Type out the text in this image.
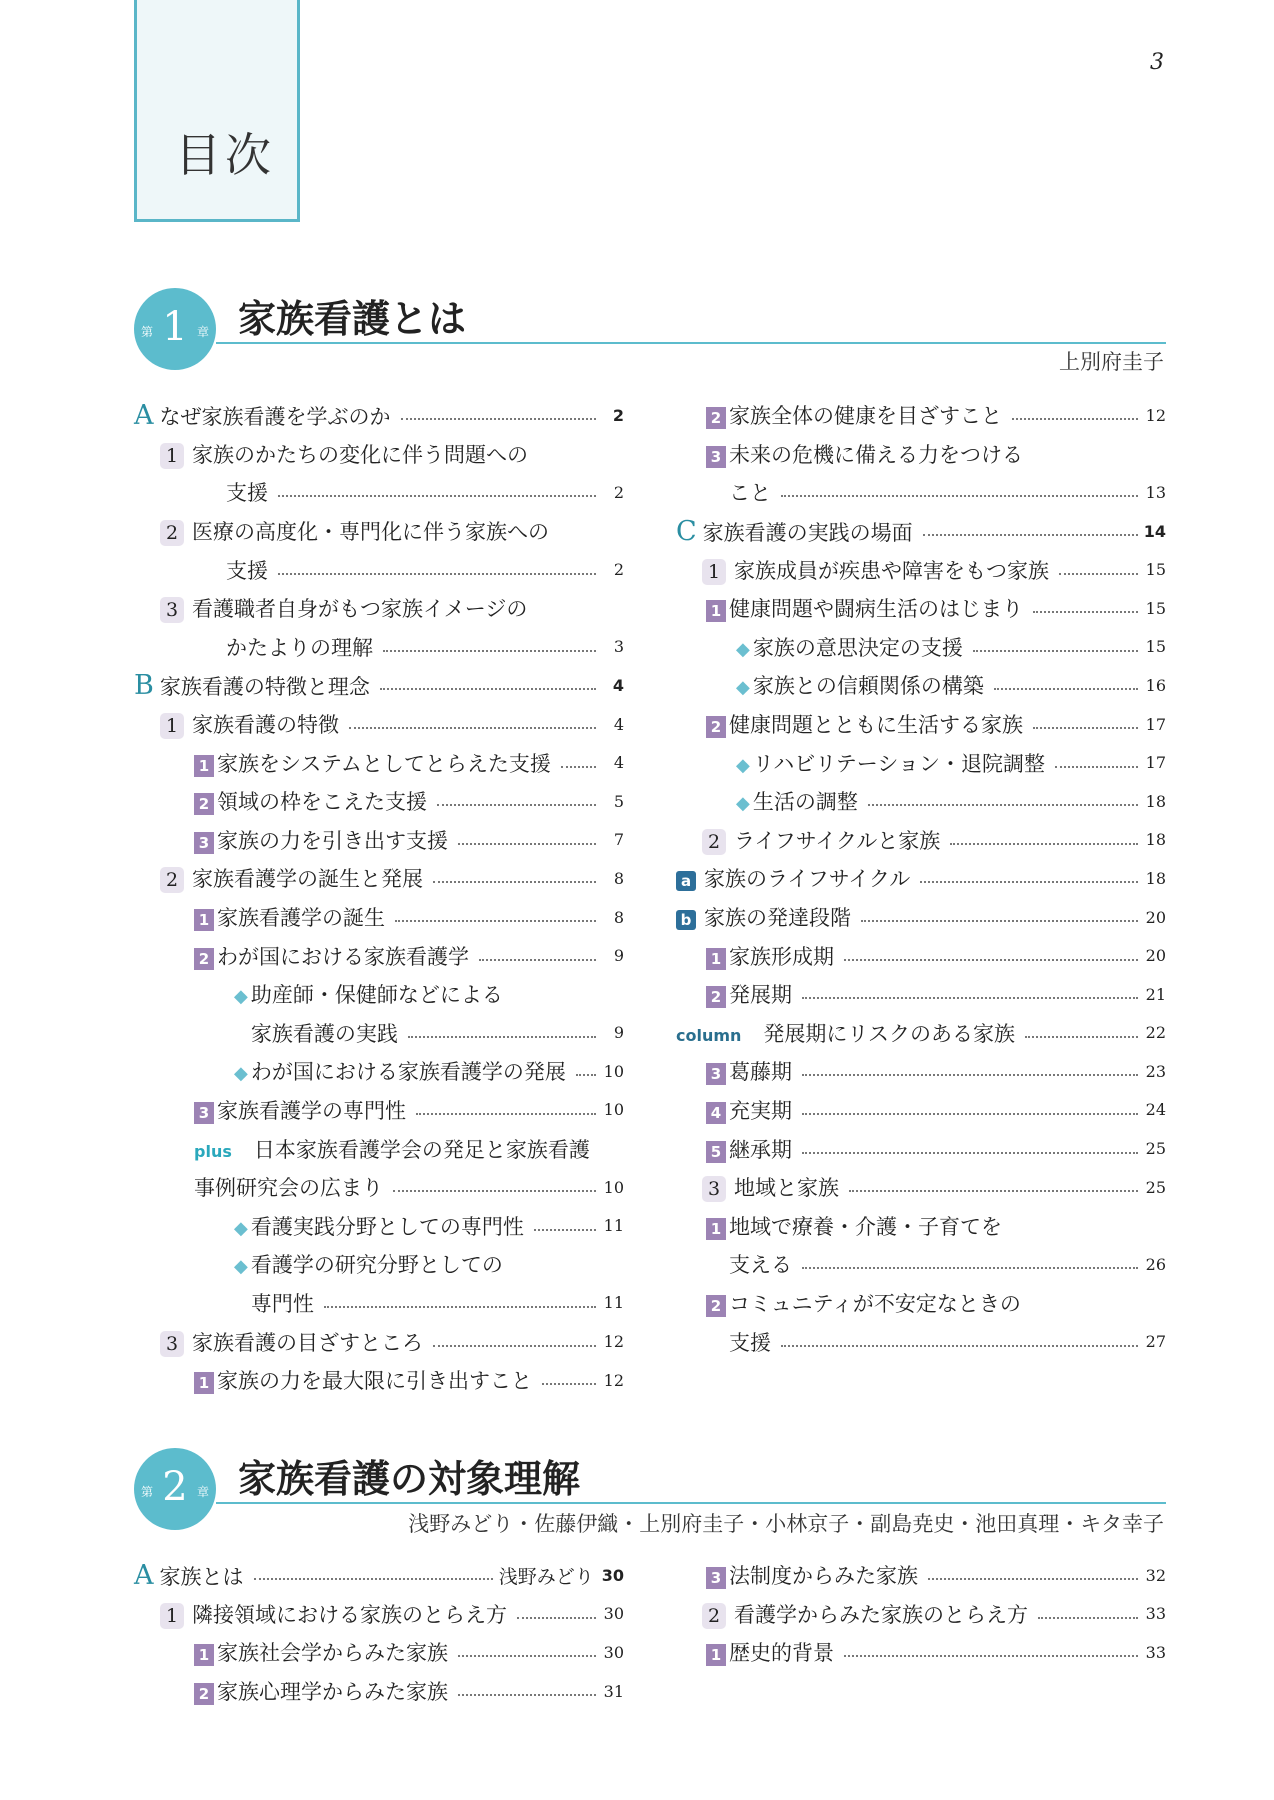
3
目次
第 1 章 家族看護とは
上別府圭子
A なぜ家族看護を学ぶのか	2
1 家族のかたちの変化に伴う問題への
支援	2
2 医療の高度化・専門化に伴う家族への
支援	2
3 看護職者自身がもつ家族イメージの
かたよりの理解	3
B 家族看護の特徴と理念	4
1 家族看護の特徴	4
1 家族をシステムとしてとらえた支援	4
2 領域の枠をこえた支援	5
3 家族の力を引き出す支援	7
2 家族看護学の誕生と発展	8
1 家族看護学の誕生	8
2 わが国における家族看護学	9
◆ 助産師・保健師などによる
家族看護の実践	9
◆ わが国における家族看護学の発展 10
3 家族看護学の専門性	10
plus 日本家族看護学会の発足と家族看護
事例研究会の広まり	10
◆ 看護実践分野としての専門性	11
◆ 看護学の研究分野としての
専門性	11
3 家族看護の目ざすところ	12
1 家族の力を最大限に引き出すこと	12
2 家族全体の健康を目ざすこと	12
3 未来の危機に備える力をつける
こと	13
C 家族看護の実践の場面	14
1 家族成員が疾患や障害をもつ家族	15
1 健康問題や闘病生活のはじまり	15
◆ 家族の意思決定の支援	15
◆ 家族との信頼関係の構築	16
2 健康問題とともに生活する家族	17
◆ リハビリテーション・退院調整	17
◆ 生活の調整	18
2 ライフサイクルと家族	18
a 家族のライフサイクル	18
b 家族の発達段階	20
1 家族形成期	20
2 発展期	21
column 発展期にリスクのある家族	22
3 葛藤期	23
4 充実期	24
5 継承期	25
3 地域と家族	25
1 地域で療養・介護・子育てを
支える	26
2 コミュニティが不安定なときの
支援	27
第 2 章 家族看護の対象理解
浅野みどり・佐藤伊織・上別府圭子・小林京子・副島尭史・池田真理・キタ幸子
A 家族とは	浅野みどり 30
1 隣接領域における家族のとらえ方	30
1 家族社会学からみた家族	30
2 家族心理学からみた家族	31
3 法制度からみた家族	32
2 看護学からみた家族のとらえ方	33
1 歴史的背景	33
